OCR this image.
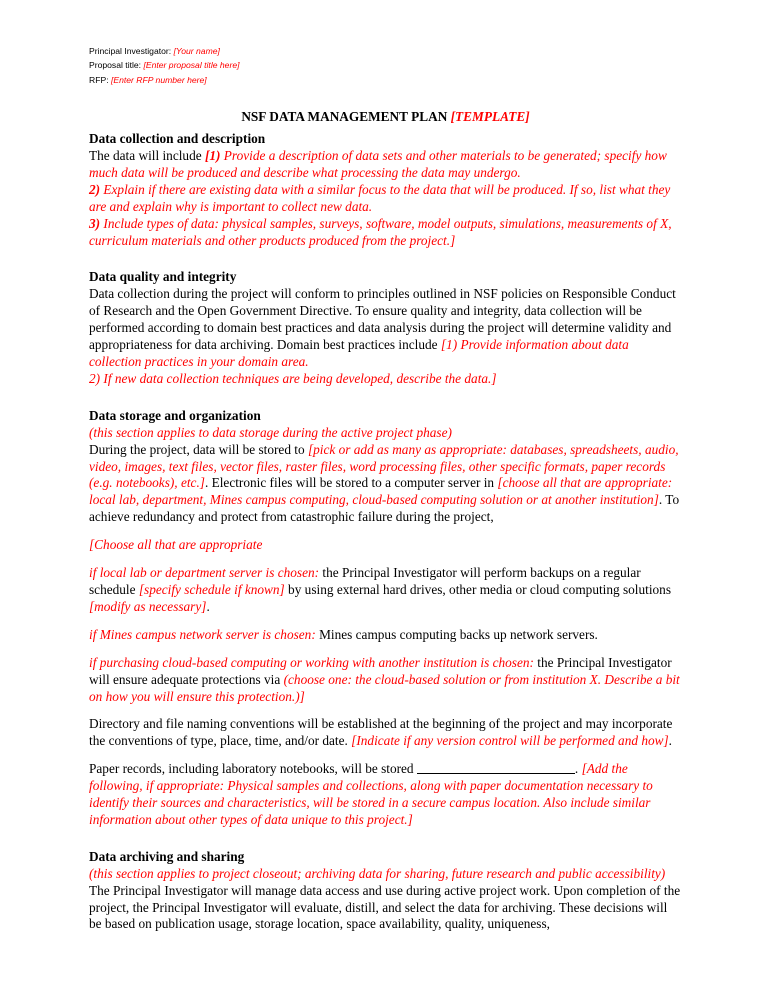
Principal Investigator: [Your name]
Proposal title: [Enter proposal title here]
RFP: [Enter RFP number here]
NSF DATA MANAGEMENT PLAN [TEMPLATE]

Data collection and description

The data will include [1) Provide a description of data sets and other materials to be generated; specify how much data will be produced and describe what processing the data may undergo.

2) Explain if there are existing data with a similar focus to the data that will be produced. If so, list what they are and explain why is important to collect new data.

3) Include types of data: physical samples, surveys, software, model outputs, simulations, measurements of X, curriculum materials and other products produced from the project.]

Data quality and integrity

Data collection during the project will conform to principles outlined in NSF policies on Responsible Conduct of Research and the Open Government Directive. To ensure quality and integrity, data collection will be performed according to domain best practices and data analysis during the project will determine validity and appropriateness for data archiving. Domain best practices include [1) Provide information about data collection practices in your domain area.

2) If new data collection techniques are being developed, describe the data.]

Data storage and organization

(this section applies to data storage during the active project phase)

During the project, data will be stored to [pick or add as many as appropriate: databases, spreadsheets, audio, video, images, text files, vector files, raster files, word processing files, other specific formats, paper records (e.g. notebooks), etc.]. Electronic files will be stored to a computer server in [choose all that are appropriate: local lab, department, Mines campus computing, cloud-based computing solution or at another institution]. To achieve redundancy and protect from catastrophic failure during the project,

[Choose all that are appropriate

if local lab or department server is chosen: the Principal Investigator will perform backups on a regular schedule [specify schedule if known] by using external hard drives, other media or cloud computing solutions [modify as necessary].

if Mines campus network server is chosen: Mines campus computing backs up network servers.

if purchasing cloud-based computing or working with another institution is chosen: the Principal Investigator will ensure adequate protections via (choose one: the cloud-based solution or from institution X. Describe a bit on how you will ensure this protection.)]

Directory and file naming conventions will be established at the beginning of the project and may incorporate the conventions of type, place, time, and/or date. [Indicate if any version control will be performed and how].

Paper records, including laboratory notebooks, will be stored	. [Add the following, if appropriate: Physical samples and collections, along with paper documentation necessary to identify their sources and characteristics, will be stored in a secure campus location. Also include similar information about other types of data unique to this project.]

Data archiving and sharing

(this section applies to project closeout; archiving data for sharing, future research and public accessibility)

The Principal Investigator will manage data access and use during active project work. Upon completion of the project, the Principal Investigator will evaluate, distill, and select the data for archiving. These decisions will be based on publication usage, storage location, space availability, quality, uniqueness,
